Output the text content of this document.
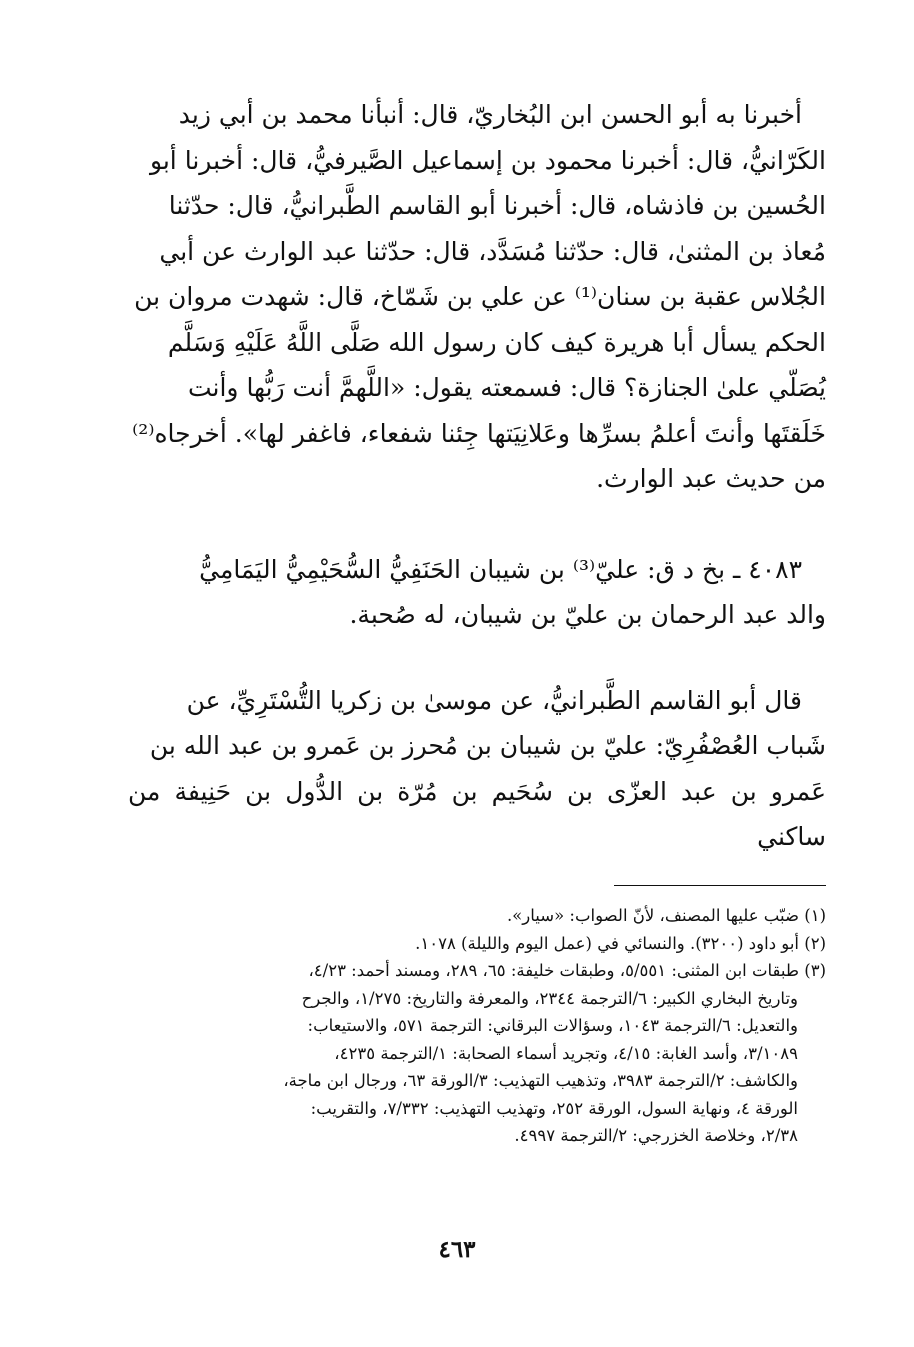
أخبرنا به أبو الحسن ابن البُخاريّ، قال: أنبأنا محمد بن أبي زيد

الكَرّانيُّ، قال: أخبرنا محمود بن إسماعيل الصَّيرفيُّ، قال: أخبرنا أبو

الحُسين بن فاذشاه، قال: أخبرنا أبو القاسم الطَّبرانيُّ، قال: حدّثنا

مُعاذ بن المثنىٰ، قال: حدّثنا مُسَدَّد، قال: حدّثنا عبد الوارث عن أبي

الجُلاس عقبة بن سنان⁽¹⁾ عن علي بن شَمّاخ، قال: شهدت مروان بن

الحكم يسأل أبا هريرة كيف كان رسول الله صَلَّى اللَّهُ عَلَيْهِ وَسَلَّم

يُصَلّي علىٰ الجنازة؟ قال: فسمعته يقول: «اللَّهمَّ أنت رَبُّها وأنت

خَلَقتَها وأنتَ أعلمُ بسرِّها وعَلانِيَتها جِئنا شفعاء، فاغفر لها». أخرجاه⁽²⁾

من حديث عبد الوارث.

٤٠٨٣ ـ بخ د ق: عليّ⁽³⁾ بن شيبان الحَنَفِيُّ السُّحَيْمِيُّ اليَمَامِيُّ

والد عبد الرحمان بن عليّ بن شيبان، له صُحبة.

قال أبو القاسم الطَّبرانيُّ، عن موسىٰ بن زكريا التُّسْتَرِيِّ، عن

شَباب العُصْفُرِيّ: عليّ بن شيبان بن مُحرز بن عَمرو بن عبد الله بن

عَمرو بن عبد العزّى بن سُحَيم بن مُرّة بن الدُّول بن حَنِيفة من ساكني

(١) ضبّب عليها المصنف، لأنّ الصواب: «سيار».

(٢) أبو داود (٣٢٠٠). والنسائي في (عمل اليوم والليلة) ١٠٧٨.

(٣) طبقات ابن المثنى: ٥/٥٥١، وطبقات خليفة: ٦٥، ٢٨٩، ومسند أحمد: ٤/٢٣،

وتاريخ البخاري الكبير: ٦/الترجمة ٢٣٤٤، والمعرفة والتاريخ: ١/٢٧٥، والجرح

والتعديل: ٦/الترجمة ١٠٤٣، وسؤالات البرقاني: الترجمة ٥٧١، والاستيعاب:

٣/١٠٨٩، وأسد الغابة: ٤/١٥، وتجريد أسماء الصحابة: ١/الترجمة ٤٢٣٥،

والكاشف: ٢/الترجمة ٣٩٨٣، وتذهيب التهذيب: ٣/الورقة ٦٣، ورجال ابن ماجة،

الورقة ٤، ونهاية السول، الورقة ٢٥٢، وتهذيب التهذيب: ٧/٣٣٢، والتقريب:

٢/٣٨، وخلاصة الخزرجي: ٢/الترجمة ٤٩٩٧.

٤٦٣
